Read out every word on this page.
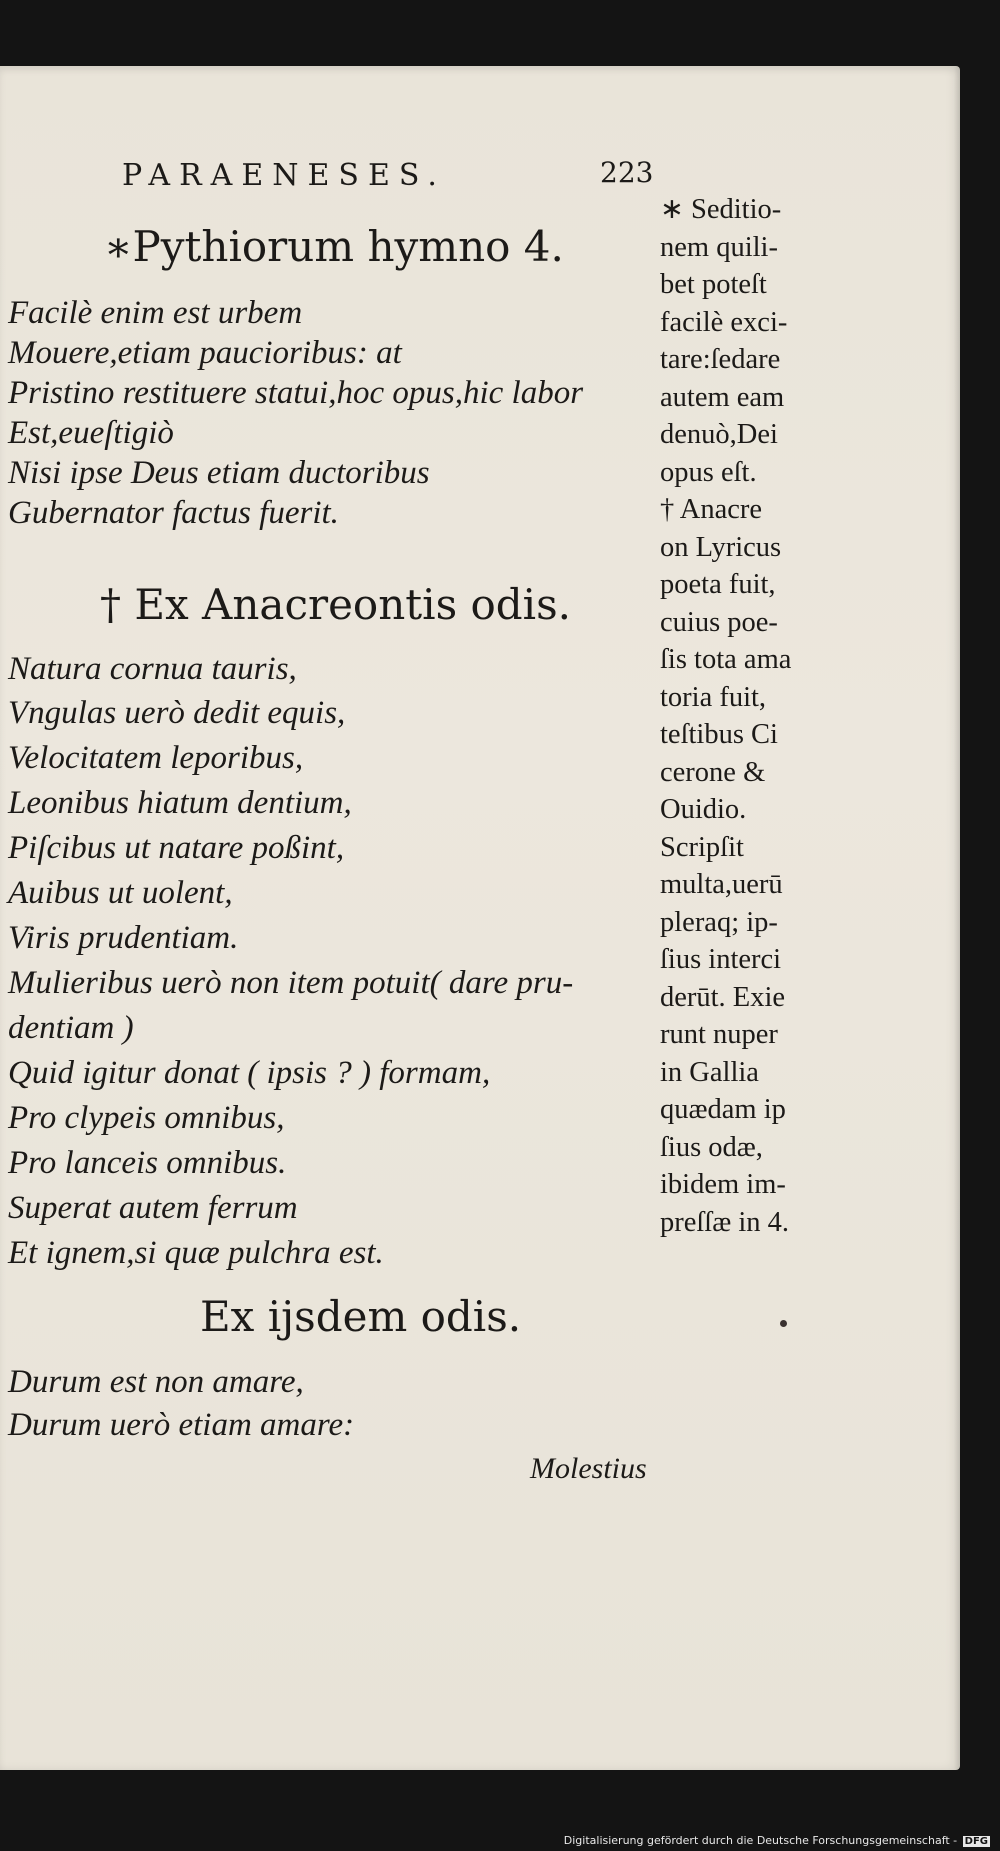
PARAENESES.	223
∗Pythiorum hymno 4.
Facilè enim est urbem
Mouere,etiam paucioribus: at
Pristino restituere statui,hoc opus,hic labor
Est,eueſtigiò
Nisi ipse Deus etiam ductoribus
Gubernator factus fuerit.
† Ex Anacreontis odis.
Natura cornua tauris,
Vngulas uerò dedit equis,
Velocitatem leporibus,
Leonibus hiatum dentium,
Piſcibus ut natare poßint,
Auibus ut uolent,
Viris prudentiam.
Mulieribus uerò non item potuit( dare pru-
dentiam )
Quid igitur donat ( ipsis ? ) formam,
Pro clypeis omnibus,
Pro lanceis omnibus.
Superat autem ferrum
Et ignem,si quæ pulchra est.
Ex ijsdem odis.
Durum est non amare,
Durum uerò etiam amare:
Molestius
∗ Seditio-
nem quili-
bet poteſt
facilè exci-
tare:ſedare
autem eam
denuò,Dei
opus eſt.
† Anacre
on Lyricus
poeta fuit,
cuius poe-
ſis tota ama
toria fuit,
teſtibus Ci
cerone &
Ouidio.
Scripſit
multa,uerū
pleraq; ip-
ſius interci
derūt. Exie
runt nuper
in Gallia
quædam ip
ſius odæ,
ibidem im-
preſſæ in 4.
Digitalisierung gefördert durch die Deutsche Forschungsgemeinschaft - DFG
